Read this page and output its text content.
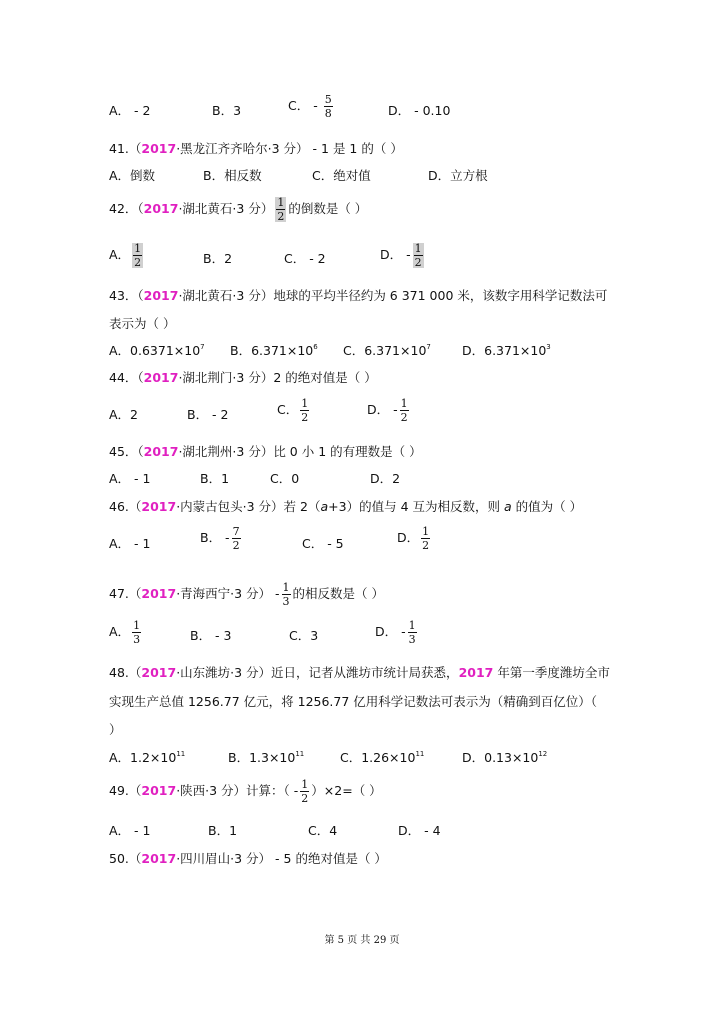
A． - 2	B．3	C． - $\frac{5}{8}$	D． - 0.10
41.（2017·黑龙江齐齐哈尔·3 分） - 1 是 1 的（ ）
A．倒数	B．相反数	C．绝对值	D．立方根
42．（2017·湖北黄石·3 分） $\frac{1}{2}$ 的倒数是（ ）
A． $\frac{1}{2}$	B．2	C． - 2	D． - $\frac{1}{2}$
43．（2017·湖北黄石·3 分）地球的平均半径约为 6 371 000 米，该数字用科学记数法可
表示为（ ）
A．$0.6371\times 10^7$ B．$6.371\times 10^6$ C．$6.371\times 10^7$ D．$6.371\times 10^3$
44．（2017·湖北荆门·3 分）2 的绝对值是（ ）
A．2	B． - 2	C． $\frac{1}{2}$	D． - $\frac{1}{2}$
45．（2017·湖北荆州·3 分）比 0 小 1 的有理数是（ ）
A． - 1	B．1	C．0	D．2
46.（2017·内蒙古包头·3 分）若 2（a+3）的值与 4 互为相反数，则 a 的值为（ ）
A． - 1	B． - $\frac{7}{2}$	C． - 5	D． $\frac{1}{2}$
47.（2017·青海西宁·3 分） - $\frac{1}{3}$ 的相反数是（ ）
A． $\frac{1}{3}$	B． - 3	C．3	D． - $\frac{1}{3}$
48.（2017·山东潍坊·3 分）近日，记者从潍坊市统计局获悉，2017 年第一季度潍坊全市
实现生产总值 1256.77 亿元，将 1256.77 亿用科学记数法可表示为（精确到百亿位）（
）
A．$1.2\times 10^{11}$	B．$1.3\times 10^{11}$	C．$1.26\times 10^{11}$	D．$0.13\times 10^{12}$
49.（2017·陕西·3 分）计算：（ - $\frac{1}{2} )\times 2=$（ ）
A． - 1	B．1	C．4	D． - 4
50.（2017·四川眉山·3 分） - 5 的绝对值是（ ）
第 5 页 共 29 页
